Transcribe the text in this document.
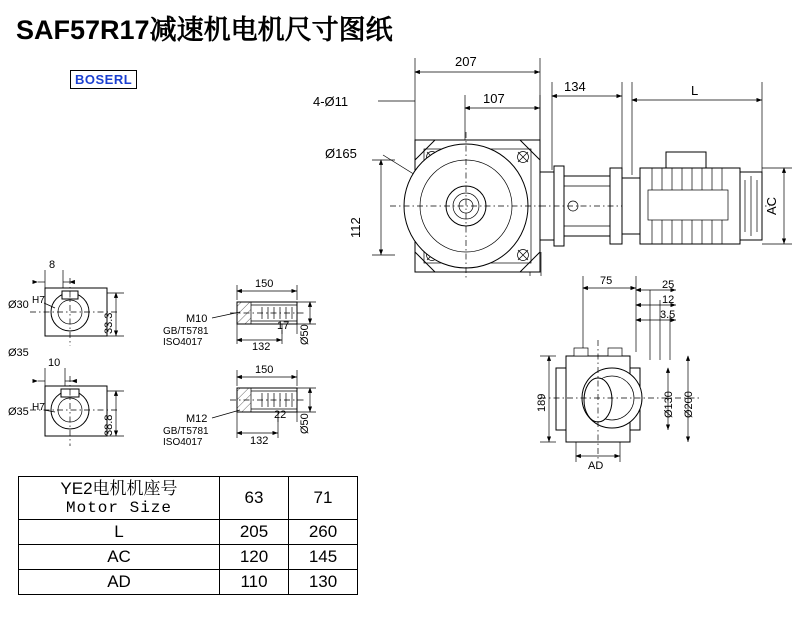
SAF57R17减速机电机尺寸图纸
BOSERL
207
107
134	L
4-Ø11
Ø165
112
AC
75	25
12
3.5
189	Ø130 Ø200
AD
8
Ø30 H7
33.3
Ø35
10
Ø35 H7
38.8
150
M10
GB/T5781
ISO4017
17
132
Ø50
150
M12
GB/T5781
ISO4017
22
132
Ø50
YE2电机机座号
Motor Size	63	71
L	205	260
AC	120	145
AD	110	130
